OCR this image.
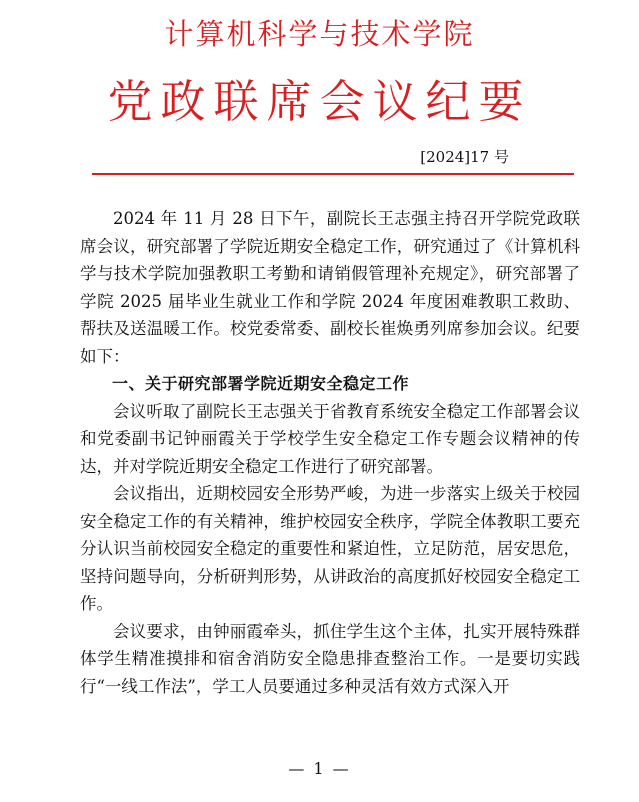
计算机科学与技术学院
党政联席会议纪要
[2024]17 号

2024 年 11 月 28 日下午，副院长王志强主持召开学院党政联席会议，研究部署了学院近期安全稳定工作，研究通过了《计算机科学与技术学院加强教职工考勤和请销假管理补充规定》，研究部署了学院 2025 届毕业生就业工作和学院 2024 年度困难教职工救助、帮扶及送温暖工作。校党委常委、副校长崔焕勇列席参加会议。纪要如下：

一、关于研究部署学院近期安全稳定工作

会议听取了副院长王志强关于省教育系统安全稳定工作部署会议和党委副书记钟丽霞关于学校学生安全稳定工作专题会议精神的传达，并对学院近期安全稳定工作进行了研究部署。

会议指出，近期校园安全形势严峻，为进一步落实上级关于校园安全稳定工作的有关精神，维护校园安全秩序，学院全体教职工要充分认识当前校园安全稳定的重要性和紧迫性，立足防范，居安思危，坚持问题导向，分析研判形势，从讲政治的高度抓好校园安全稳定工作。

会议要求，由钟丽霞牵头，抓住学生这个主体，扎实开展特殊群体学生精准摸排和宿舍消防安全隐患排查整治工作。一是要切实践行“一线工作法”，学工人员要通过多种灵活有效方式深入开

— 1 —
